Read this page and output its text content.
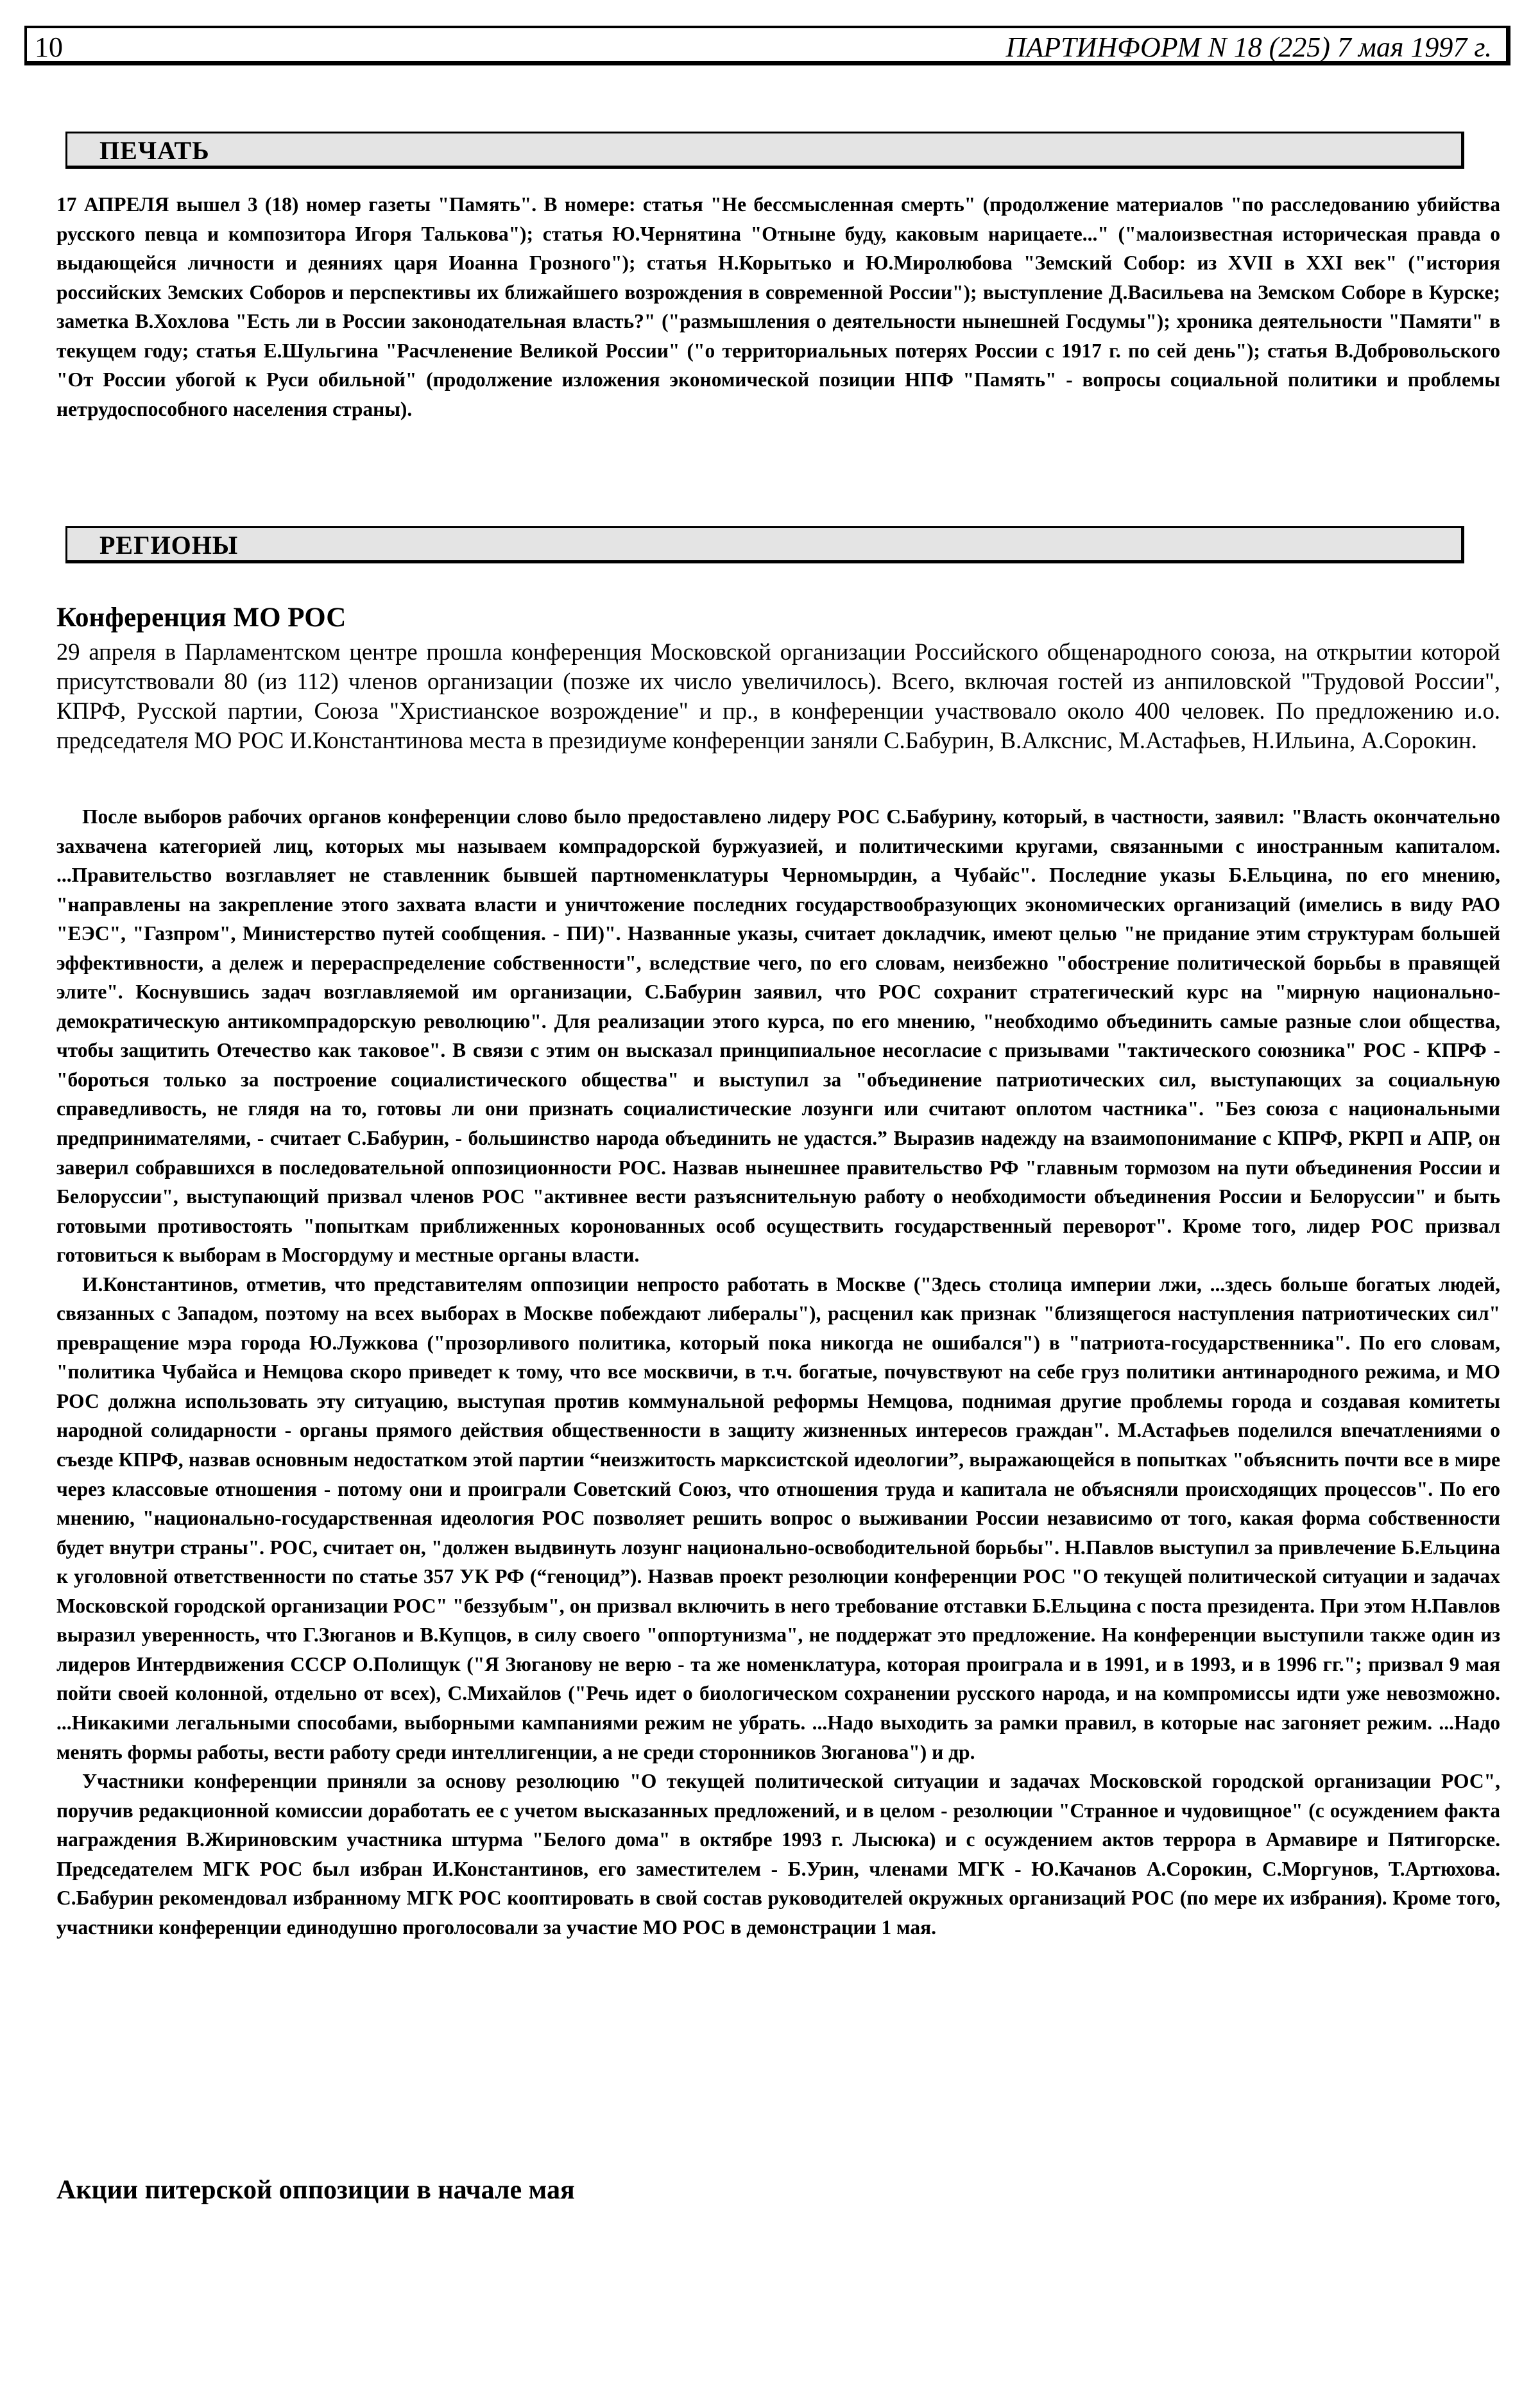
10	ПАРТИНФОРМ N 18 (225) 7 мая 1997 г.
ПЕЧАТЬ

17 АПРЕЛЯ вышел 3 (18) номер газеты "Память". В номере: статья "Не бессмысленная смерть" (продолжение материалов "по расследованию убийства русского певца и композитора Игоря Талькова"); статья Ю.Чернятина "Отныне буду, каковым нарицаете..." ("малоизвестная историческая правда о выдающейся личности и деяниях царя Иоанна Грозного"); статья Н.Корытько и Ю.Миролюбова "Земский Собор: из XVII в XXI век" ("история российских Земских Соборов и перспективы их ближайшего возрождения в современной России"); выступление Д.Васильева на Земском Соборе в Курске; заметка В.Хохлова "Есть ли в России законодательная власть?" ("размышления о деятельности нынешней Госдумы"); хроника деятельности "Памяти" в текущем году; статья Е.Шульгина "Расчленение Великой России" ("о территориальных потерях России с 1917 г. по сей день"); статья В.Добровольского "От России убогой к Руси обильной" (продолжение изложения экономической позиции НПФ "Память" - вопросы социальной политики и проблемы нетрудоспособного населения страны).

РЕГИОНЫ
Конференция МО РОС

29 апреля в Парламентском центре прошла конференция Московской организации Российского общенародного союза, на открытии которой присутствовали 80 (из 112) членов организации (позже их число увеличилось). Всего, включая гостей из анпиловской "Трудовой России", КПРФ, Русской партии, Союза "Христианское возрождение" и пр., в конференции участвовало около 400 человек. По предложению и.о. председателя МО РОС И.Константинова места в президиуме конференции заняли С.Бабурин, В.Алкснис, М.Астафьев, Н.Ильина, А.Сорокин.

После выборов рабочих органов конференции слово было предоставлено лидеру РОС С.Бабурину, который, в частности, заявил: "Власть окончательно захвачена категорией лиц, которых мы называем компрадорской буржуазией, и политическими кругами, связанными с иностранным капиталом. ...Правительство возглавляет не ставленник бывшей партноменклатуры Черномырдин, а Чубайс". Последние указы Б.Ельцина, по его мнению, "направлены на закрепление этого захвата власти и уничтожение последних государствообразующих экономических организаций (имелись в виду РАО "ЕЭС", "Газпром", Министерство путей сообщения. - ПИ)". Названные указы, считает докладчик, имеют целью "не придание этим структурам большей эффективности, а дележ и перераспределение собственности", вследствие чего, по его словам, неизбежно "обострение политической борьбы в правящей элите". Коснувшись задач возглавляемой им организации, С.Бабурин заявил, что РОС сохранит стратегический курс на "мирную национально-демократическую антикомпрадорскую революцию". Для реализации этого курса, по его мнению, "необходимо объединить самые разные слои общества, чтобы защитить Отечество как таковое". В связи с этим он высказал принципиальное несогласие с призывами "тактического союзника" РОС - КПРФ - "бороться только за построение социалистического общества" и выступил за "объединение патриотических сил, выступающих за социальную справедливость, не глядя на то, готовы ли они признать социалистические лозунги или считают оплотом частника". "Без союза с национальными предпринимателями, - считает С.Бабурин, - большинство народа объединить не удастся.” Выразив надежду на взаимопонимание с КПРФ, РКРП и АПР, он заверил собравшихся в последовательной оппозиционности РОС. Назвав нынешнее правительство РФ "главным тормозом на пути объединения России и Белоруссии", выступающий призвал членов РОС "активнее вести разъяснительную работу о необходимости объединения России и Белоруссии" и быть готовыми противостоять "попыткам приближенных коронованных особ осуществить государственный переворот". Кроме того, лидер РОС призвал готовиться к выборам в Мосгордуму и местные органы власти.

И.Константинов, отметив, что представителям оппозиции непросто работать в Москве ("Здесь столица империи лжи, ...здесь больше богатых людей, связанных с Западом, поэтому на всех выборах в Москве побеждают либералы"), расценил как признак "близящегося наступления патриотических сил" превращение мэра города Ю.Лужкова ("прозорливого политика, который пока никогда не ошибался") в "патриота-государственника". По его словам, "политика Чубайса и Немцова скоро приведет к тому, что все москвичи, в т.ч. богатые, почувствуют на себе груз политики антинародного режима, и МО РОС должна использовать эту ситуацию, выступая против коммунальной реформы Немцова, поднимая другие проблемы города и создавая комитеты народной солидарности - органы прямого действия общественности в защиту жизненных интересов граждан". М.Астафьев поделился впечатлениями о съезде КПРФ, назвав основным недостатком этой партии “неизжитость марксистской идеологии”, выражающейся в попытках "объяснить почти все в мире через классовые отношения - потому они и проиграли Советский Союз, что отношения труда и капитала не объясняли происходящих процессов". По его мнению, "национально-государственная идеология РОС позволяет решить вопрос о выживании России независимо от того, какая форма собственности будет внутри страны". РОС, считает он, "должен выдвинуть лозунг национально-освободительной борьбы". Н.Павлов выступил за привлечение Б.Ельцина к уголовной ответственности по статье 357 УК РФ (“геноцид”). Назвав проект резолюции конференции РОС "О текущей политической ситуации и задачах Московской городской организации РОС" "беззубым", он призвал включить в него требование отставки Б.Ельцина с поста президента. При этом Н.Павлов выразил уверенность, что Г.Зюганов и В.Купцов, в силу своего "оппортунизма", не поддержат это предложение. На конференции выступили также один из лидеров Интердвижения СССР О.Полищук ("Я Зюганову не верю - та же номенклатура, которая проиграла и в 1991, и в 1993, и в 1996 гг."; призвал 9 мая пойти своей колонной, отдельно от всех), С.Михайлов ("Речь идет о биологическом сохранении русского народа, и на компромиссы идти уже невозможно. ...Никакими легальными способами, выборными кампаниями режим не убрать. ...Надо выходить за рамки правил, в которые нас загоняет режим. ...Надо менять формы работы, вести работу среди интеллигенции, а не среди сторонников Зюганова") и др.

Участники конференции приняли за основу резолюцию "О текущей политической ситуации и задачах Московской городской организации РОС", поручив редакционной комиссии доработать ее с учетом высказанных предложений, и в целом - резолюции "Странное и чудовищное" (с осуждением факта награждения В.Жириновским участника штурма "Белого дома" в октябре 1993 г. Лысюка) и с осуждением актов террора в Армавире и Пятигорске. Председателем МГК РОС был избран И.Константинов, его заместителем - Б.Урин, членами МГК - Ю.Качанов А.Сорокин, С.Моргунов, Т.Артюхова. С.Бабурин рекомендовал избранному МГК РОС кооптировать в свой состав руководителей окружных организаций РОС (по мере их избрания). Кроме того, участники конференции единодушно проголосовали за участие МО РОС в демонстрации 1 мая.

Акции питерской оппозиции в начале мая
